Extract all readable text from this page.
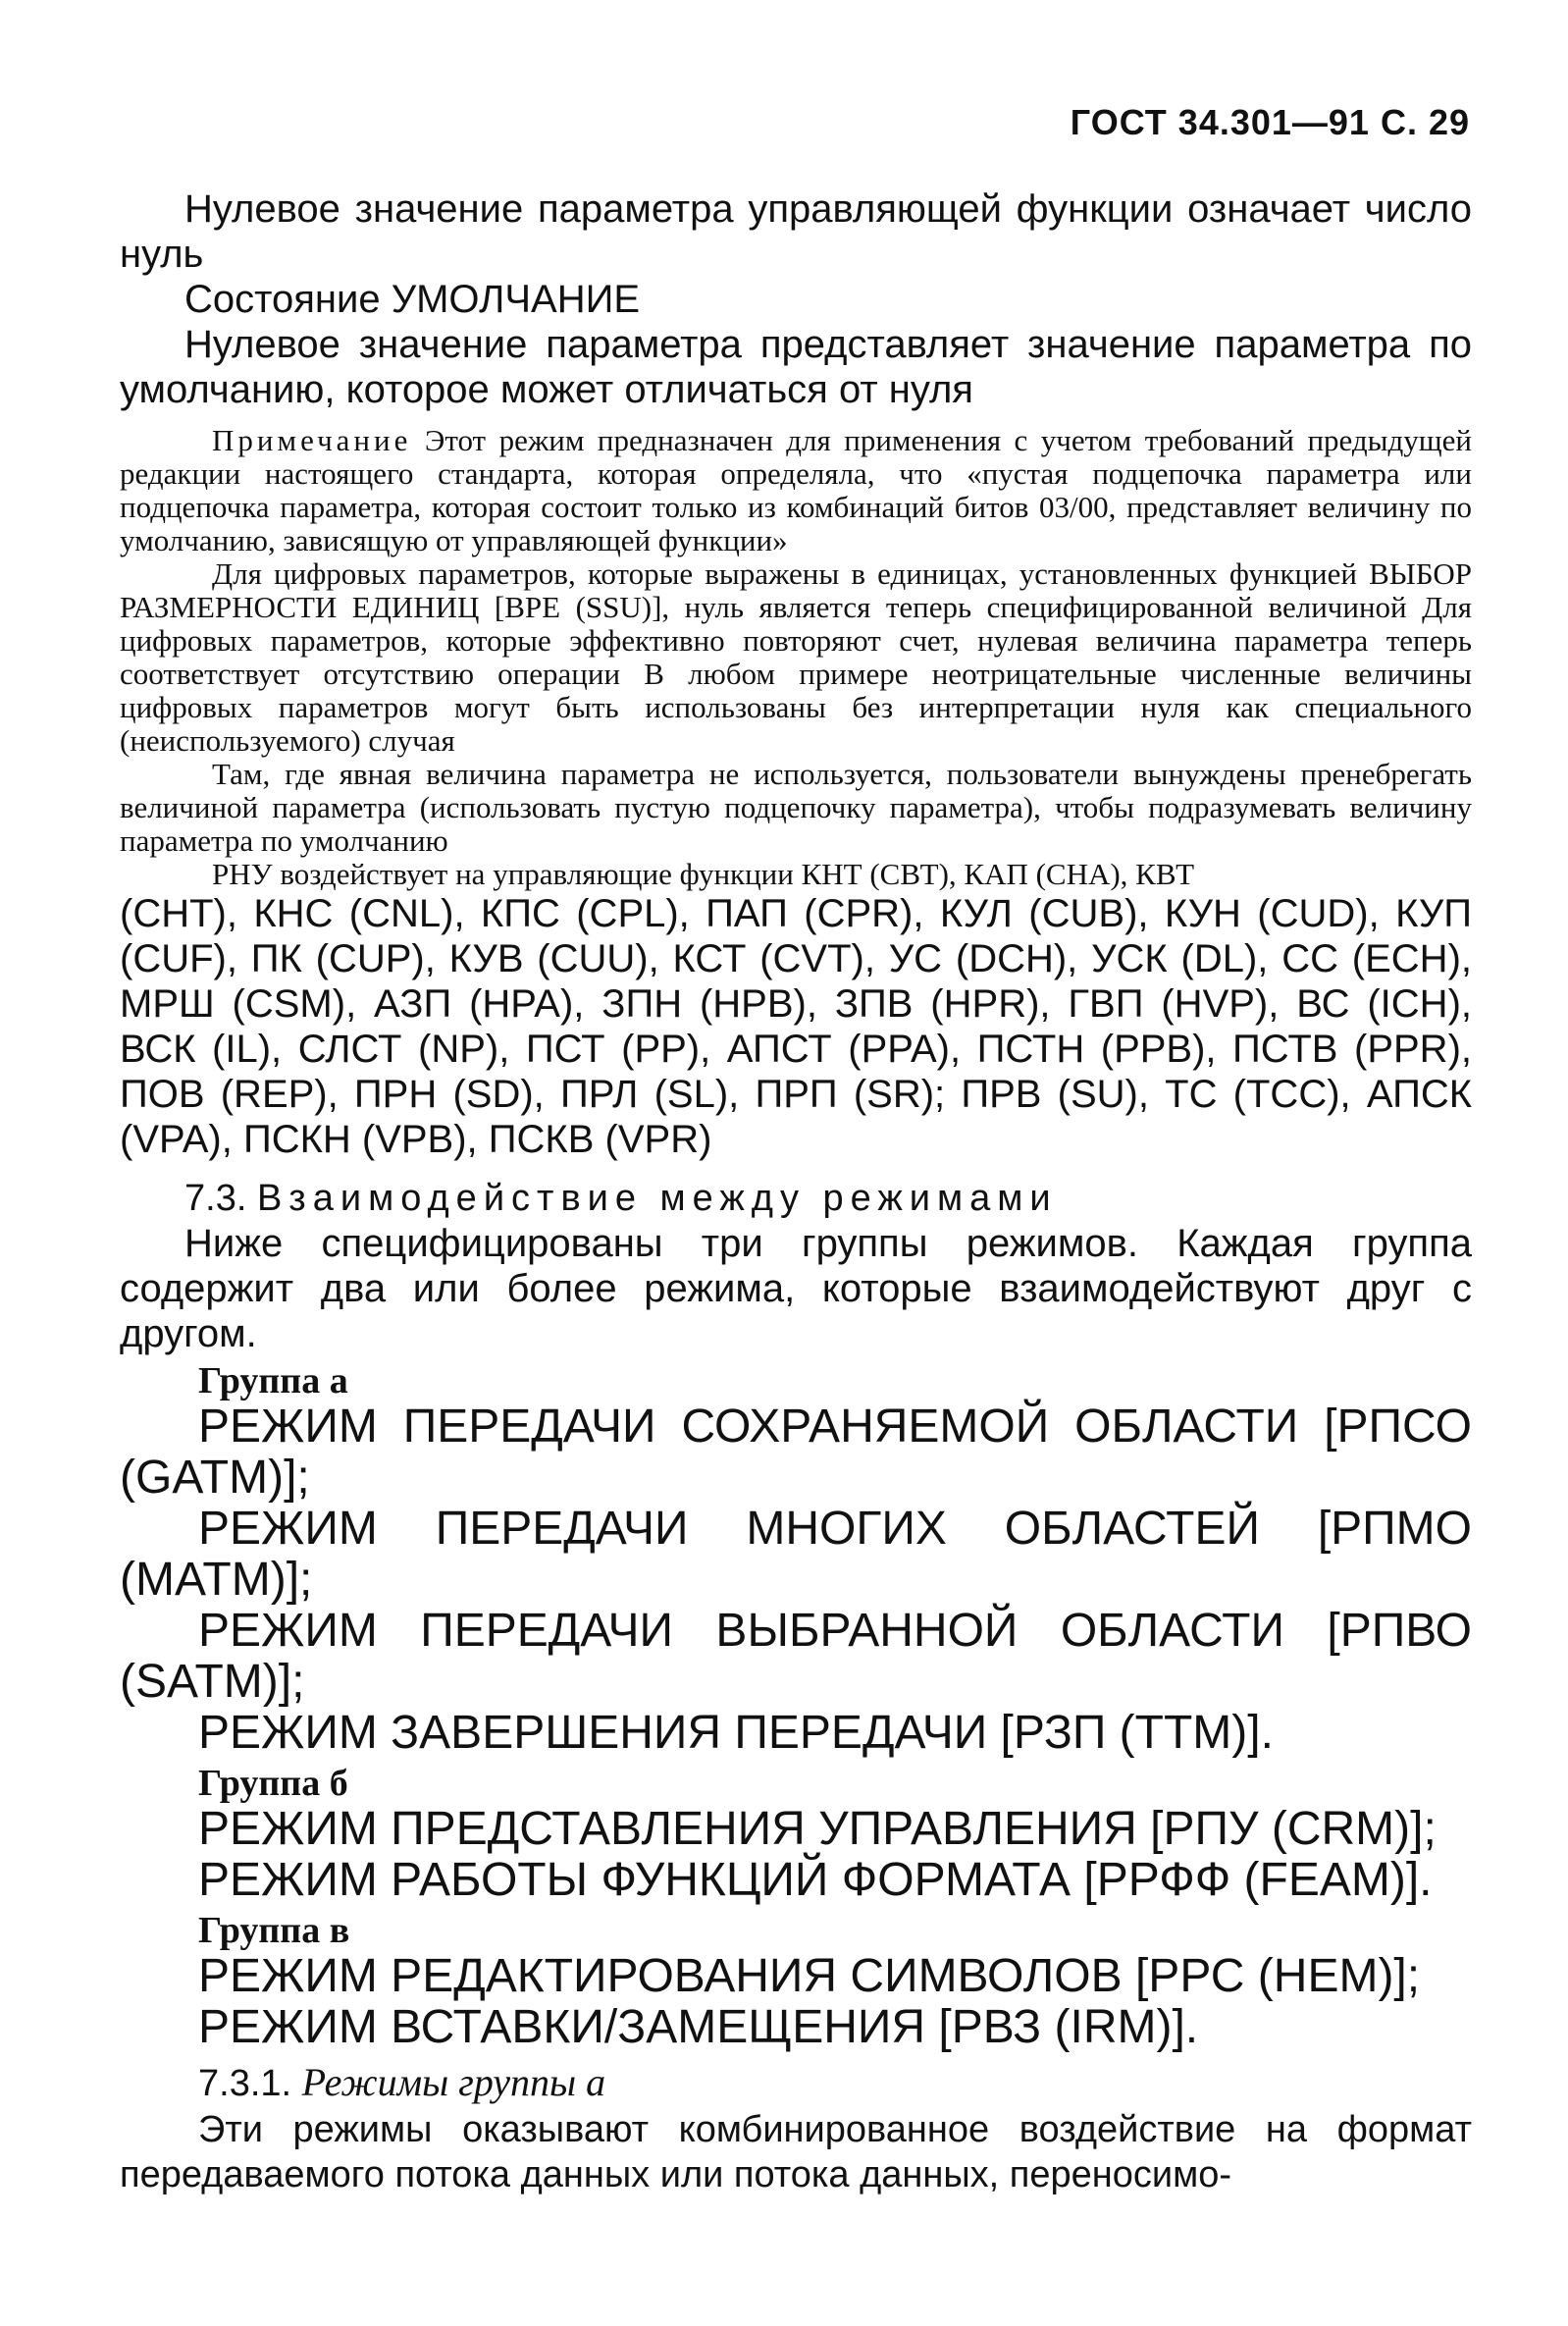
ГОСТ 34.301—91 С. 29

Нулевое значение параметра управляющей функции означает число нуль

Состояние УМОЛЧАНИЕ

Нулевое значение параметра представляет значение параметра по умолчанию, которое может отличаться от нуля

Примечание Этот режим предназначен для применения с учетом требований предыдущей редакции настоящего стандарта, которая определяла, что «пустая подцепочка параметра или подцепочка параметра, которая состоит только из комбинаций битов 03/00, представляет величину по умолчанию, зависящую от управляющей функции»

Для цифровых параметров, которые выражены в единицах, установленных функцией ВЫБОР РАЗМЕРНОСТИ ЕДИНИЦ [ВРЕ (SSU)], нуль является теперь специфицированной величиной Для цифровых параметров, которые эффективно повторяют счет, нулевая величина параметра теперь соответствует отсутствию операции В любом примере неотрицательные численные величины цифровых параметров могут быть использованы без интерпретации нуля как специального (неиспользуемого) случая

Там, где явная величина параметра не используется, пользователи вынуждены пренебрегать величиной параметра (использовать пустую подцепочку параметра), чтобы подразумевать величину параметра по умолчанию

РНУ воздействует на управляющие функции КНТ (СВТ), КАП (СНА), КВТ

(СНТ), КНС (CNL), КПС (CPL), ПАП (CPR), КУЛ (CUB), КУН (CUD), КУП (CUF), ПК (CUP), КУВ (CUU), КСТ (CVT), УС (DCH), УСК (DL), СС (ЕСН), МРШ (CSM), АЗП (НРА), ЗПН (HPB), ЗПВ (HPR), ГВП (HVP), ВС (ICH), ВСК (IL), СЛСТ (NP), ПСТ (PP), АПСТ (PPA), ПСТН (PPB), ПСТВ (PPR), ПОВ (REP), ПРН (SD), ПРЛ (SL), ПРП (SR); ПРВ (SU), ТС (TCC), АПСК (VPA), ПСКН (VPB), ПСКВ (VPR)

7.3. Взаимодействие между режимами

Ниже специфицированы три группы режимов. Каждая группа содержит два или более режима, которые взаимодействуют друг с другом.

Группа а

РЕЖИМ ПЕРЕДАЧИ СОХРАНЯЕМОЙ ОБЛАСТИ [РПСО (GATM)];

РЕЖИМ ПЕРЕДАЧИ МНОГИХ ОБЛАСТЕЙ [РПМО (MATM)];

РЕЖИМ ПЕРЕДАЧИ ВЫБРАННОЙ ОБЛАСТИ [РПВО (SATM)];

РЕЖИМ ЗАВЕРШЕНИЯ ПЕРЕДАЧИ [РЗП (TTM)].

Группа б

РЕЖИМ ПРЕДСТАВЛЕНИЯ УПРАВЛЕНИЯ [РПУ (CRM)];

РЕЖИМ РАБОТЫ ФУНКЦИЙ ФОРМАТА [РРФФ (FEAM)].

Группа в

РЕЖИМ РЕДАКТИРОВАНИЯ СИМВОЛОВ [РРС (НЕМ)];

РЕЖИМ ВСТАВКИ/ЗАМЕЩЕНИЯ [РВЗ (IRM)].

7.3.1. Режимы группы а

Эти режимы оказывают комбинированное воздействие на формат передаваемого потока данных или потока данных, переносимо-
